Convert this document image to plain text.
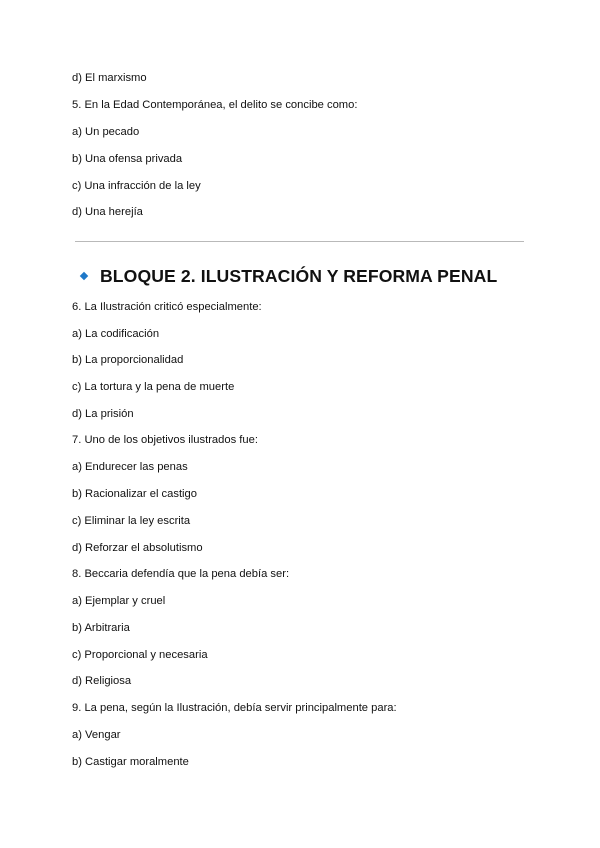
d) El marxismo
5. En la Edad Contemporánea, el delito se concibe como:
a) Un pecado
b) Una ofensa privada
c) Una infracción de la ley
d) Una herejía
BLOQUE 2. ILUSTRACIÓN Y REFORMA PENAL
6. La Ilustración criticó especialmente:
a) La codificación
b) La proporcionalidad
c) La tortura y la pena de muerte
d) La prisión
7. Uno de los objetivos ilustrados fue:
a) Endurecer las penas
b) Racionalizar el castigo
c) Eliminar la ley escrita
d) Reforzar el absolutismo
8. Beccaria defendía que la pena debía ser:
a) Ejemplar y cruel
b) Arbitraria
c) Proporcional y necesaria
d) Religiosa
9. La pena, según la Ilustración, debía servir principalmente para:
a) Vengar
b) Castigar moralmente
